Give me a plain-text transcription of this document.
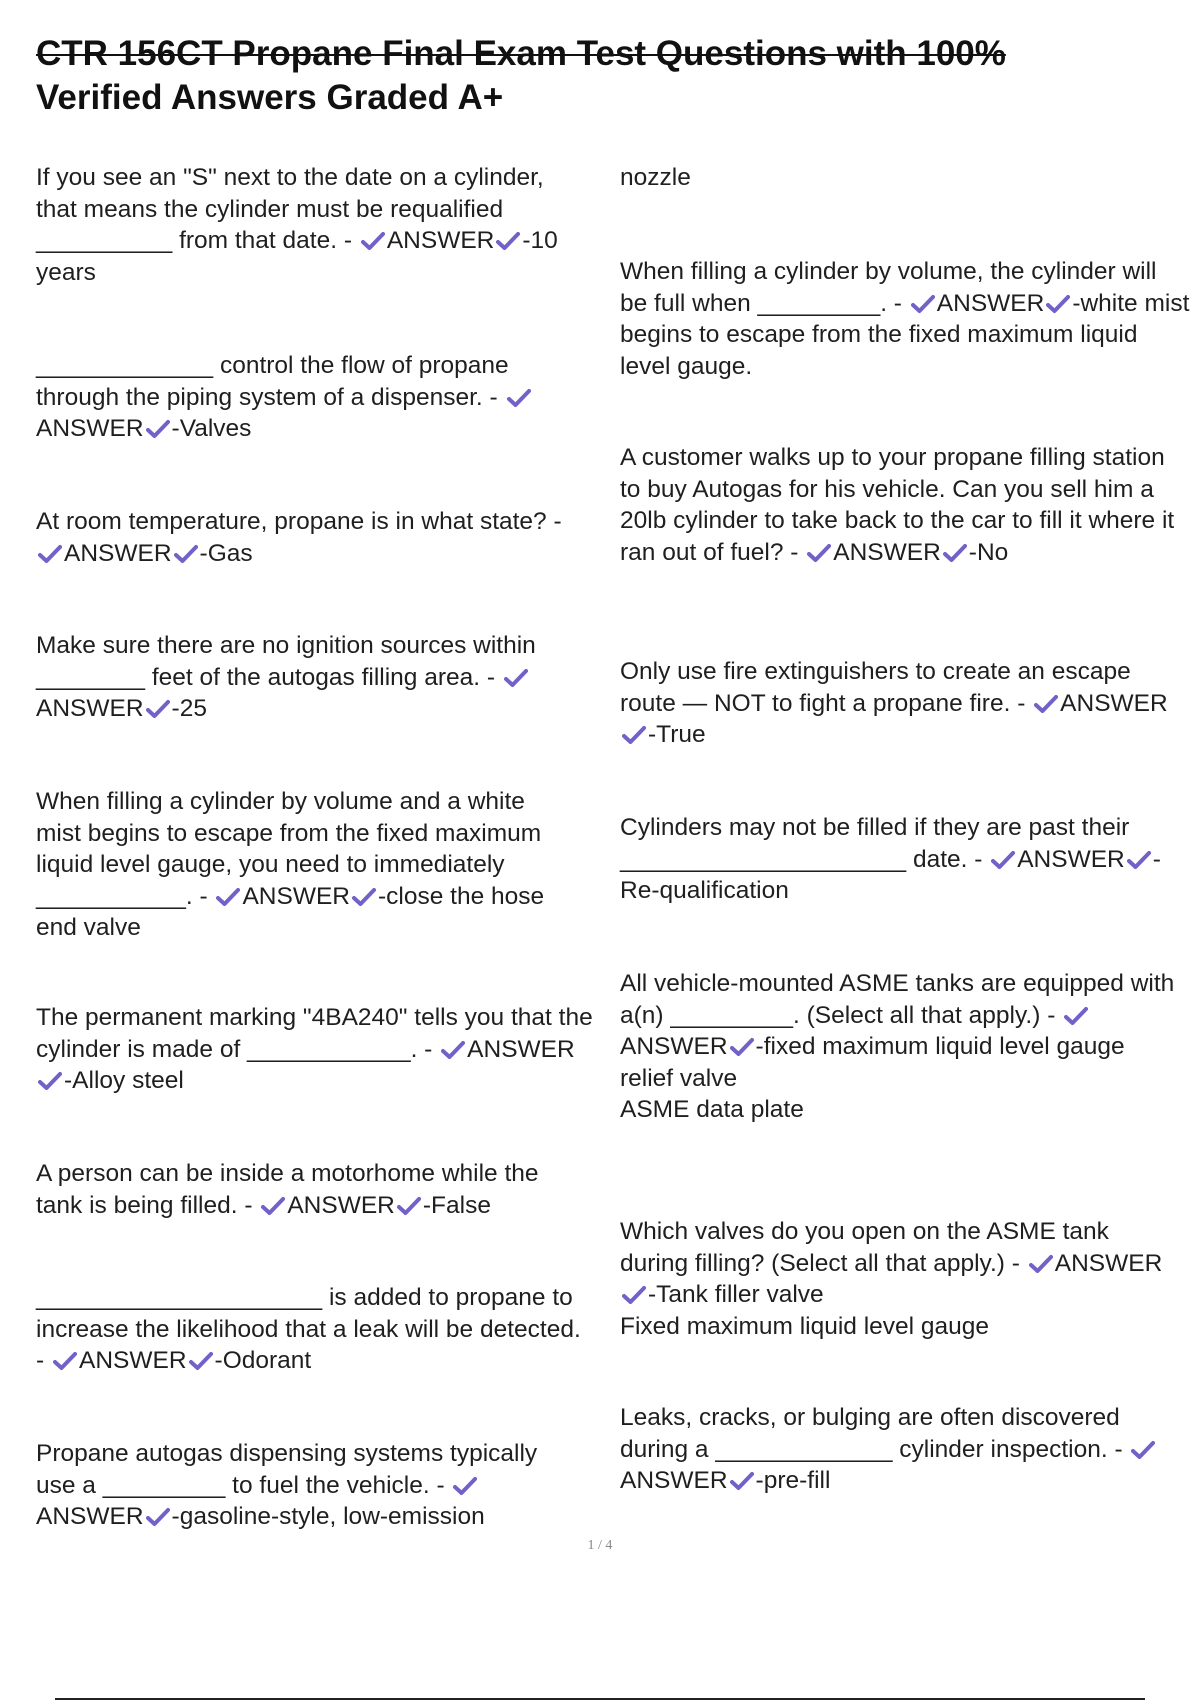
CTR 156CT Propane Final Exam Test Questions with 100%

Verified Answers Graded A+

If you see an "S" next to the date on a cylinder, that means the cylinder must be requalified __________ from that date. - ANSWER -10 years
_____________ control the flow of propane through the piping system of a dispenser. - ANSWER -Valves
At room temperature, propane is in what state? - ANSWER -Gas
Make sure there are no ignition sources within ________ feet of the autogas filling area. - ANSWER -25
When filling a cylinder by volume and a white mist begins to escape from the fixed maximum liquid level gauge, you need to immediately ___________. - ANSWER -close the hose end valve
The permanent marking "4BA240" tells you that the cylinder is made of ____________. - ANSWER-Alloy steel
A person can be inside a motorhome while the tank is being filled. - ANSWER -False
_____________________ is added to propane to increase the likelihood that a leak will be detected. - ANSWER -Odorant
Propane autogas dispensing systems typically use a _________ to fuel the vehicle. - ANSWER -gasoline-style, low-emission
nozzle
When filling a cylinder by volume, the cylinder will be full when _________. - ANSWER -white mist begins to escape from the fixed maximum liquid level gauge.
A customer walks up to your propane filling station to buy Autogas for his vehicle. Can you sell him a 20lb cylinder to take back to the car to fill it where it ran out of fuel? - ANSWER -No
Only use fire extinguishers to create an escape route — NOT to fight a propane fire. - ANSWER-True
Cylinders may not be filled if they are past their _____________________ date. - ANSWER -Re-qualification
All vehicle-mounted ASME tanks are equipped with a(n) _________. (Select all that apply.) - ANSWER -fixed maximum liquid level gauge
relief valve
ASME data plate
Which valves do you open on the ASME tank during filling? (Select all that apply.) - ANSWER-Tank filler valve
Fixed maximum liquid level gauge
Leaks, cracks, or bulging are often discovered during a _____________ cylinder inspection. - ANSWER -pre-fill
1 / 4
